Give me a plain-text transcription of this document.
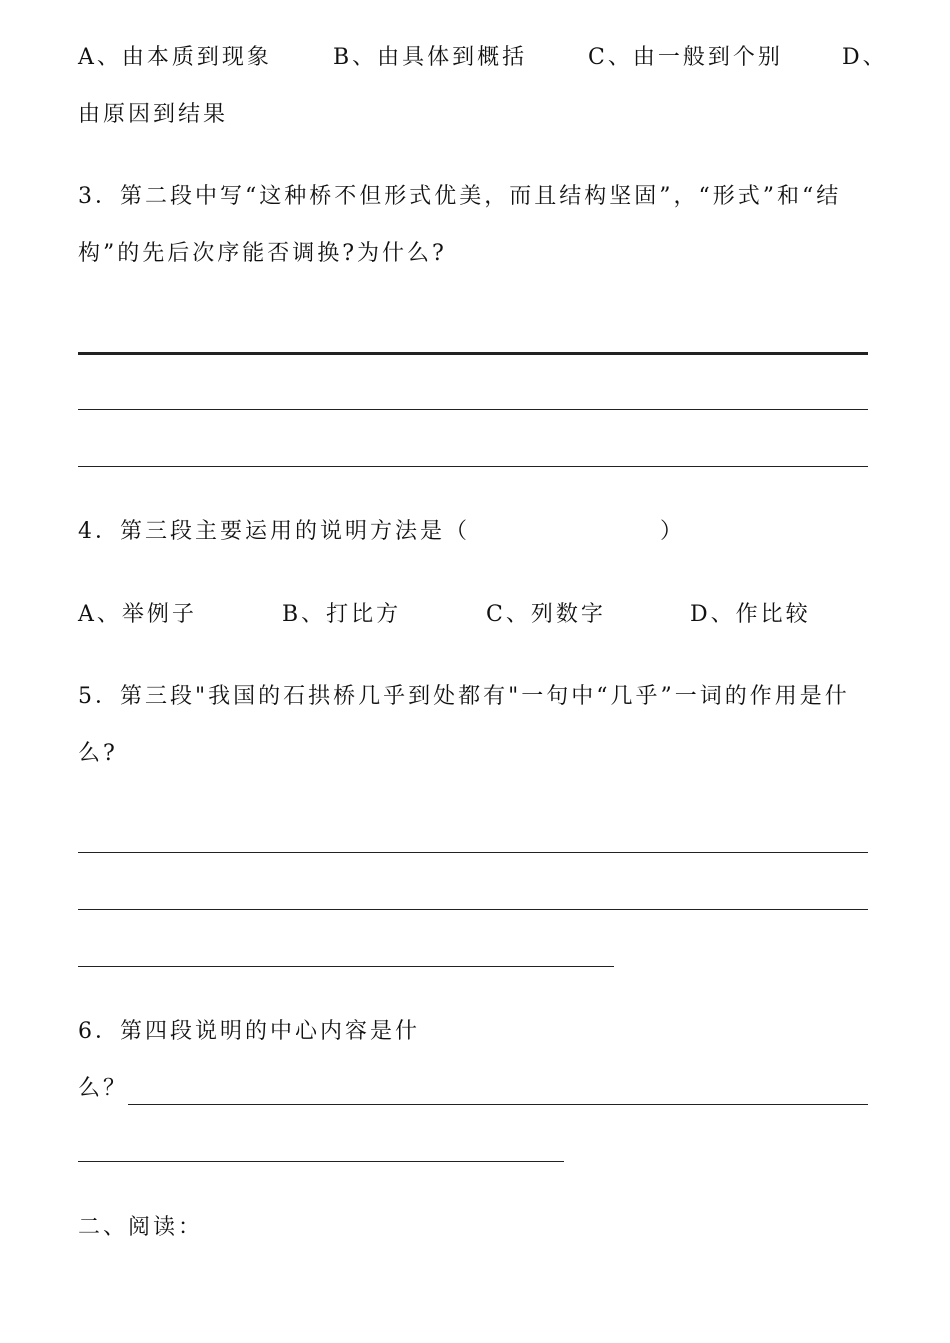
A、由本质到现象	B、由具体到概括	C、由一般到个别	D、
由原因到结果
3．第二段中写“这种桥不但形式优美，而且结构坚固”，“形式”和“结
构”的先后次序能否调换?为什么?
4．第三段主要运用的说明方法是（	）
A、举例子	B、打比方	C、列数字	D、作比较
5．第三段"我国的石拱桥几乎到处都有"一句中“几乎”一词的作用是什
么?
6．第四段说明的中心内容是什
么？
二、阅读：
